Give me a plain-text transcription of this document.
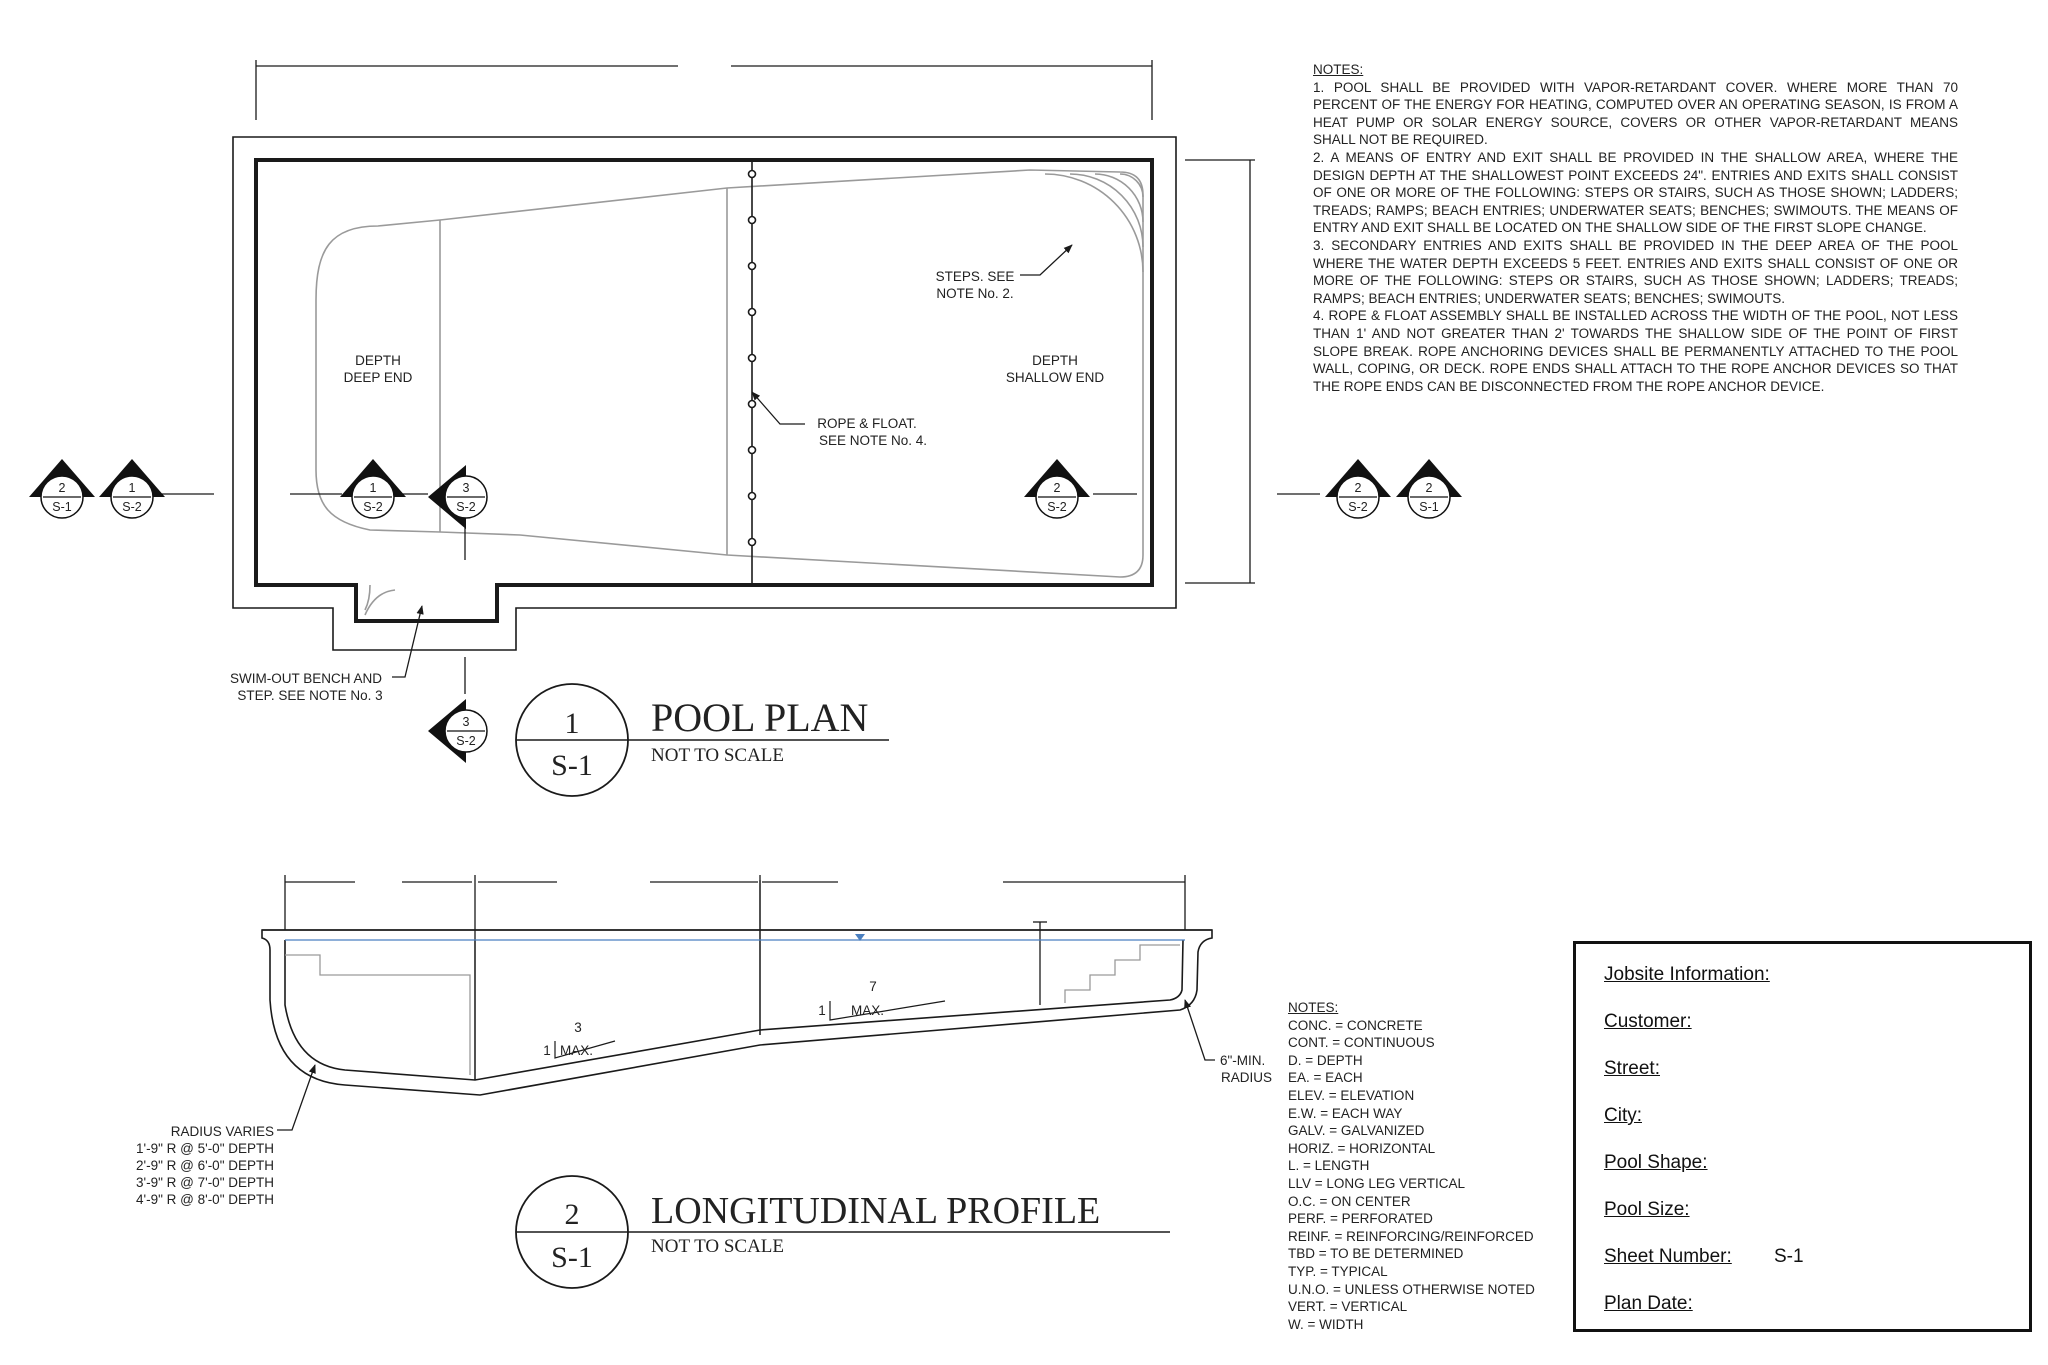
DEPTH
DEEP END
DEPTH
SHALLOW END
STEPS. SEE
NOTE No. 2.
ROPE & FLOAT.
SEE NOTE No. 4.
SWIM-OUT BENCH AND
STEP. SEE NOTE No. 3
2
S-1
1
S-2
1
S-2
3
S-2
2
S-2
2
S-2
2
S-1
3
S-2
1
S-1
POOL PLAN
NOT TO SCALE
3
1 MAX.
7
1 MAX.
6"-MIN.
RADIUS
RADIUS VARIES
1'-9" R @ 5'-0" DEPTH
2'-9" R @ 6'-0" DEPTH
3'-9" R @ 7'-0" DEPTH
4'-9" R @ 8'-0" DEPTH	2
S-1
LONGITUDINAL PROFILE
NOT TO SCALE
NOTES:
1. POOL SHALL BE PROVIDED WITH VAPOR-RETARDANT COVER. WHERE MORE THAN 70 PERCENT OF THE ENERGY FOR HEATING, COMPUTED OVER AN OPERATING SEASON, IS FROM A HEAT PUMP OR SOLAR ENERGY SOURCE, COVERS OR OTHER VAPOR-RETARDANT MEANS SHALL NOT BE REQUIRED.
2. A MEANS OF ENTRY AND EXIT SHALL BE PROVIDED IN THE SHALLOW AREA, WHERE THE DESIGN DEPTH AT THE SHALLOWEST POINT EXCEEDS 24". ENTRIES AND EXITS SHALL CONSIST OF ONE OR MORE OF THE FOLLOWING: STEPS OR STAIRS, SUCH AS THOSE SHOWN; LADDERS; TREADS; RAMPS; BEACH ENTRIES; UNDERWATER SEATS; BENCHES; SWIMOUTS. THE MEANS OF ENTRY AND EXIT SHALL BE LOCATED ON THE SHALLOW SIDE OF THE FIRST SLOPE CHANGE.
3. SECONDARY ENTRIES AND EXITS SHALL BE PROVIDED IN THE DEEP AREA OF THE POOL WHERE THE WATER DEPTH EXCEEDS 5 FEET. ENTRIES AND EXITS SHALL CONSIST OF ONE OR MORE OF THE FOLLOWING: STEPS OR STAIRS, SUCH AS THOSE SHOWN; LADDERS; TREADS; RAMPS; BEACH ENTRIES; UNDERWATER SEATS; BENCHES; SWIMOUTS.
4. ROPE & FLOAT ASSEMBLY SHALL BE INSTALLED ACROSS THE WIDTH OF THE POOL, NOT LESS THAN 1' AND NOT GREATER THAN 2' TOWARDS THE SHALLOW SIDE OF THE POINT OF FIRST SLOPE BREAK. ROPE ANCHORING DEVICES SHALL BE PERMANENTLY ATTACHED TO THE POOL WALL, COPING, OR DECK. ROPE ENDS SHALL ATTACH TO THE ROPE ANCHOR DEVICES SO THAT THE ROPE ENDS CAN BE DISCONNECTED FROM THE ROPE ANCHOR DEVICE.
NOTES:
CONC. = CONCRETE
CONT. = CONTINUOUS
D. = DEPTH
EA. = EACH
ELEV. = ELEVATION
E.W. = EACH WAY
GALV. = GALVANIZED
HORIZ. = HORIZONTAL
L. = LENGTH
LLV = LONG LEG VERTICAL
O.C. = ON CENTER
PERF. = PERFORATED
REINF. = REINFORCING/REINFORCED
TBD = TO BE DETERMINED
TYP. = TYPICAL
U.N.O. = UNLESS OTHERWISE NOTED
VERT. = VERTICAL
W. = WIDTH
Jobsite Information:
Customer:
Street:
City:
Pool Shape:
Pool Size:
Sheet Number: S-1
Plan Date:
